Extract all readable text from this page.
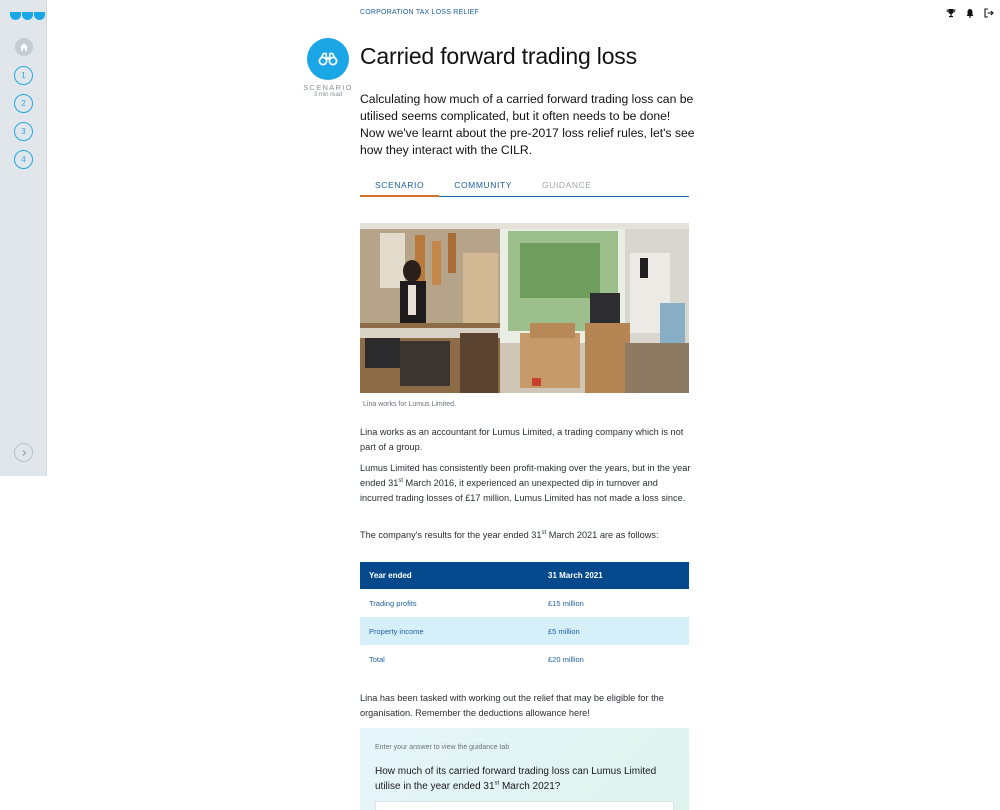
1
2
3
4
CORPORATION TAX LOSS RELIEF
SCENARIO
3 min read
Carried forward trading loss

Calculating how much of a carried forward trading loss can be utilised seems complicated, but it often needs to be done! Now we've learnt about the pre-2017 loss relief rules, let's see how they interact with the CILR.

SCENARIO	COMMUNITY	GUIDANCE
Lina works for Lumus Limited.

Lina works as an accountant for Lumus Limited, a trading company which is not part of a group.

Lumus Limited has consistently been profit-making over the years, but in the year ended 31st March 2016, it experienced an unexpected dip in turnover and incurred trading losses of £17 million. Lumus Limited has not made a loss since.

The company's results for the year ended 31st March 2021 are as follows:

Year ended	31 March 2021
Trading profits	£15 million
Property income	£5 million
Total	£20 million

Lina has been tasked with working out the relief that may be eligible for the organisation. Remember the deductions allowance here!

Enter your answer to view the guidance tab
How much of its carried forward trading loss can Lumus Limited utilise in the year ended 31st March 2021?
